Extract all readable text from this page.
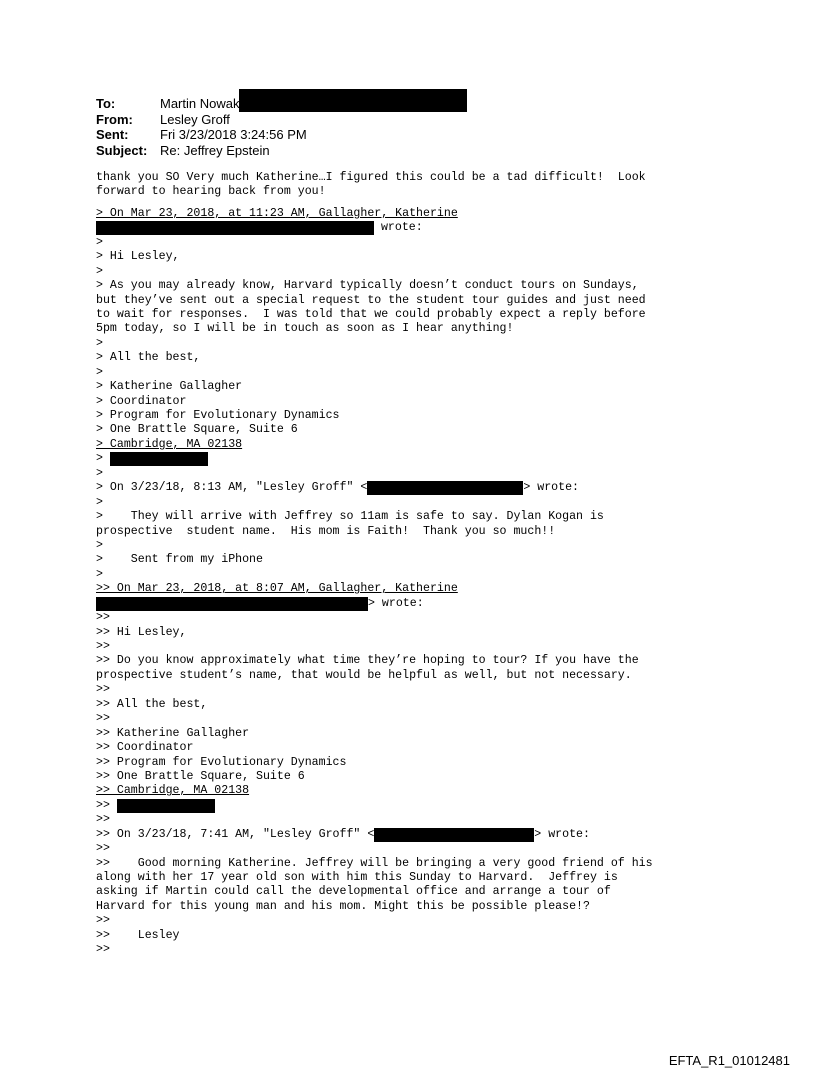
To:	Martin Nowak
From:	Lesley Groff
Sent:	Fri 3/23/2018 3:24:56 PM
Subject: Re: Jeffrey Epstein
thank you SO Very much Katherine…I figured this could be a tad difficult!  Look
forward to hearing back from you!
> On Mar 23, 2018, at 11:23 AM, Gallagher, Katherine
wrote:
>
> Hi Lesley,
>
> As you may already know, Harvard typically doesn’t conduct tours on Sundays,
but they’ve sent out a special request to the student tour guides and just need
to wait for responses.  I was told that we could probably expect a reply before
5pm today, so I will be in touch as soon as I hear anything!
>
> All the best,
>
> Katherine Gallagher
> Coordinator
> Program for Evolutionary Dynamics
> One Brattle Square, Suite 6
> Cambridge, MA 02138
>
>
> On 3/23/18, 8:13 AM, "Lesley Groff" <	> wrote:
>
>    They will arrive with Jeffrey so 11am is safe to say. Dylan Kogan is
prospective  student name.  His mom is Faith!  Thank you so much!!
>
>    Sent from my iPhone
>
>> On Mar 23, 2018, at 8:07 AM, Gallagher, Katherine
> wrote:
>>
>> Hi Lesley,
>>
>> Do you know approximately what time they’re hoping to tour? If you have the
prospective student’s name, that would be helpful as well, but not necessary.
>>
>> All the best,
>>
>> Katherine Gallagher
>> Coordinator
>> Program for Evolutionary Dynamics
>> One Brattle Square, Suite 6
>> Cambridge, MA 02138
>>
>>
>> On 3/23/18, 7:41 AM, "Lesley Groff" <	> wrote:
>>
>>    Good morning Katherine. Jeffrey will be bringing a very good friend of his
along with her 17 year old son with him this Sunday to Harvard.  Jeffrey is
asking if Martin could call the developmental office and arrange a tour of
Harvard for this young man and his mom. Might this be possible please!?
>>
>>    Lesley
>>
EFTA_R1_01012481
